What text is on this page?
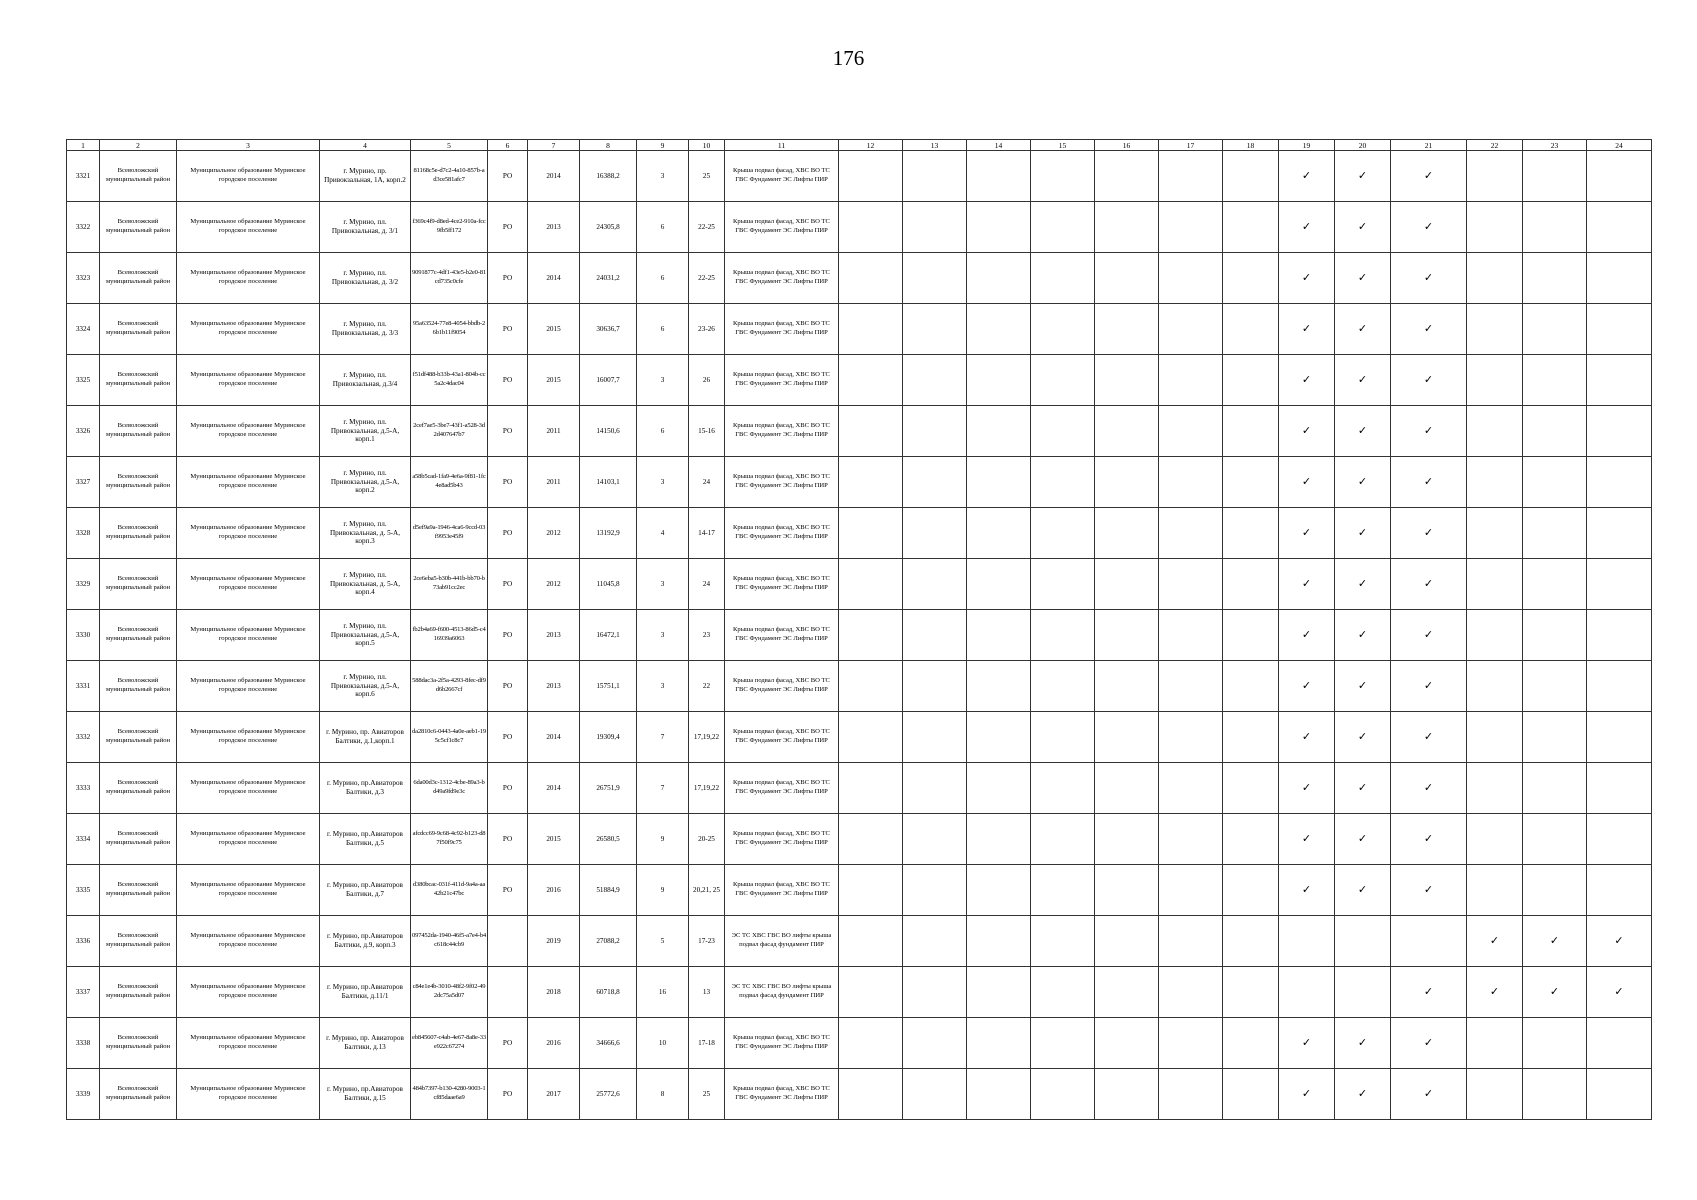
176
1	2	3	4	5	6	7	8	9	10	11	12	13	14	15	16	17	18	19	20	21	22	23	24
3321	Всеволожский муниципальный район	Муниципальное образование Муринское городское поселение	г. Мурино, пр. Привокзальная, 1А, корп.2	81168c5e-d7c2-4a10-857b-ad3ce581afc7	РО	2014	16388,2	3	25	Крыша подвал фасад, ХВС ВО ТС ГВС Фундамент ЭС Лифты ПИР								✓	✓	✓			
3322	Всеволожский муниципальный район	Муниципальное образование Муринское городское поселение	г. Мурино, пл. Привокзальная, д. 3/1	f369c4f9-d8ed-4ce2-910a-fcc9fb5ff172	РО	2013	24305,8	6	22-25	Крыша подвал фасад, ХВС ВО ТС ГВС Фундамент ЭС Лифты ПИР								✓	✓	✓			
3323	Всеволожский муниципальный район	Муниципальное образование Муринское городское поселение	г. Мурино, пл. Привокзальная, д. 3/2	9091877c-4df1-43e5-b2e0-81cd735c0cfe	РО	2014	24031,2	6	22-25	Крыша подвал фасад, ХВС ВО ТС ГВС Фундамент ЭС Лифты ПИР								✓	✓	✓			
3324	Всеволожский муниципальный район	Муниципальное образование Муринское городское поселение	г. Мурино, пл. Привокзальная, д. 3/3	95a63524-77e8-4054-bbdb-26b1b11f9054	РО	2015	30636,7	6	23-26	Крыша подвал фасад, ХВС ВО ТС ГВС Фундамент ЭС Лифты ПИР								✓	✓	✓			
3325	Всеволожский муниципальный район	Муниципальное образование Муринское городское поселение	г. Мурино, пл. Привокзальная, д.3/4	f51df488-b33b-43a1-804b-cc5a2c4dac04	РО	2015	16007,7	3	26	Крыша подвал фасад, ХВС ВО ТС ГВС Фундамент ЭС Лифты ПИР								✓	✓	✓			
3326	Всеволожский муниципальный район	Муниципальное образование Муринское городское поселение	г. Мурино, пл. Привокзальная, д.5-А, корп.1	2cef7ae5-3be7-43f1-a528-3d2d407647b7	РО	2011	14150,6	6	15-16	Крыша подвал фасад, ХВС ВО ТС ГВС Фундамент ЭС Лифты ПИР								✓	✓	✓			
3327	Всеволожский муниципальный район	Муниципальное образование Муринское городское поселение	г. Мурино, пл. Привокзальная, д.5-А, корп.2	a58b5cad-1fa9-4e6a-9f81-1fc4e8ad5b43	РО	2011	14103,1	3	24	Крыша подвал фасад, ХВС ВО ТС ГВС Фундамент ЭС Лифты ПИР								✓	✓	✓			
3328	Всеволожский муниципальный район	Муниципальное образование Муринское городское поселение	г. Мурино, пл. Привокзальная, д. 5-А, корп.3	d5ef9a9a-1946-4ca6-9ccd-03f9953e45f9	РО	2012	13192,9	4	14-17	Крыша подвал фасад, ХВС ВО ТС ГВС Фундамент ЭС Лифты ПИР								✓	✓	✓			
3329	Всеволожский муниципальный район	Муниципальное образование Муринское городское поселение	г. Мурино, пл. Привокзальная, д. 5-А, корп.4	2ce6eba5-b30b-441b-bb70-b73ab91cc2ec	РО	2012	11045,8	3	24	Крыша подвал фасад, ХВС ВО ТС ГВС Фундамент ЭС Лифты ПИР								✓	✓	✓			
3330	Всеволожский муниципальный район	Муниципальное образование Муринское городское поселение	г. Мурино, пл. Привокзальная, д.5-А, корп.5	fb2b4a69-f600-4513-86d5-c416939a6063	РО	2013	16472,1	3	23	Крыша подвал фасад, ХВС ВО ТС ГВС Фундамент ЭС Лифты ПИР								✓	✓	✓			
3331	Всеволожский муниципальный район	Муниципальное образование Муринское городское поселение	г. Мурино, пл. Привокзальная, д.5-А, корп.6	588dac3a-2f5a-4293-8fec-df9d6b2667cf	РО	2013	15751,1	3	22	Крыша подвал фасад, ХВС ВО ТС ГВС Фундамент ЭС Лифты ПИР								✓	✓	✓			
3332	Всеволожский муниципальный район	Муниципальное образование Муринское городское поселение	г. Мурино, пр. Авиаторов Балтики, д.1,корп.1	da2810c6-0443-4a0e-aeb1-195c5cf1c8c7	РО	2014	19309,4	7	17,19,22	Крыша подвал фасад, ХВС ВО ТС ГВС Фундамент ЭС Лифты ПИР								✓	✓	✓			
3333	Всеволожский муниципальный район	Муниципальное образование Муринское городское поселение	г. Мурино, пр.Авиаторов Балтики, д.3	6da00d3c-1312-4cbe-89a3-bd49a9fd9e3c	РО	2014	26751,9	7	17,19,22	Крыша подвал фасад, ХВС ВО ТС ГВС Фундамент ЭС Лифты ПИР								✓	✓	✓			
3334	Всеволожский муниципальный район	Муниципальное образование Муринское городское поселение	г. Мурино, пр.Авиаторов Балтики, д.5	afcdcc69-9c68-4c92-b123-d87f50f9c75	РО	2015	26580,5	9	20-25	Крыша подвал фасад, ХВС ВО ТС ГВС Фундамент ЭС Лифты ПИР								✓	✓	✓			
3335	Всеволожский муниципальный район	Муниципальное образование Муринское городское поселение	г. Мурино, пр.Авиаторов Балтики, д.7	d380bcac-031f-411d-9a4a-aa42b21c47bc	РО	2016	51884,9	9	20,21, 25	Крыша подвал фасад, ХВС ВО ТС ГВС Фундамент ЭС Лифты ПИР								✓	✓	✓			
3336	Всеволожский муниципальный район	Муниципальное образование Муринское городское поселение	г. Мурино, пр.Авиаторов Балтики, д.9, корп.3	097452da-1940-46f5-a7e4-b4c618c44cb9		2019	27088,2	5	17-23	ЭС ТС ХВС ГВС ВО лифты крыша подвал фасад фундамент ПИР											✓	✓	✓
3337	Всеволожский муниципальный район	Муниципальное образование Муринское городское поселение	г. Мурино, пр.Авиаторов Балтики, д.11/1	c84e1e4b-3010-48f2-9f02-492dc75a5d07		2018	60718,8	16	13	ЭС ТС ХВС ГВС ВО лифты крыша подвал фасад фундамент ПИР										✓	✓	✓	✓
3338	Всеволожский муниципальный район	Муниципальное образование Муринское городское поселение	г. Мурино, пр. Авиаторов Балтики, д.13	eb845607-c4ab-4e67-8a8e-33e922c67274	РО	2016	34666,6	10	17-18	Крыша подвал фасад, ХВС ВО ТС ГВС Фундамент ЭС Лифты ПИР								✓	✓	✓			
3339	Всеволожский муниципальный район	Муниципальное образование Муринское городское поселение	г. Мурино, пр.Авиаторов Балтики, д.15	484b7397-b130-4280-9003-1cf85daae6a9	РО	2017	25772,6	8	25	Крыша подвал фасад, ХВС ВО ТС ГВС Фундамент ЭС Лифты ПИР								✓	✓	✓			
